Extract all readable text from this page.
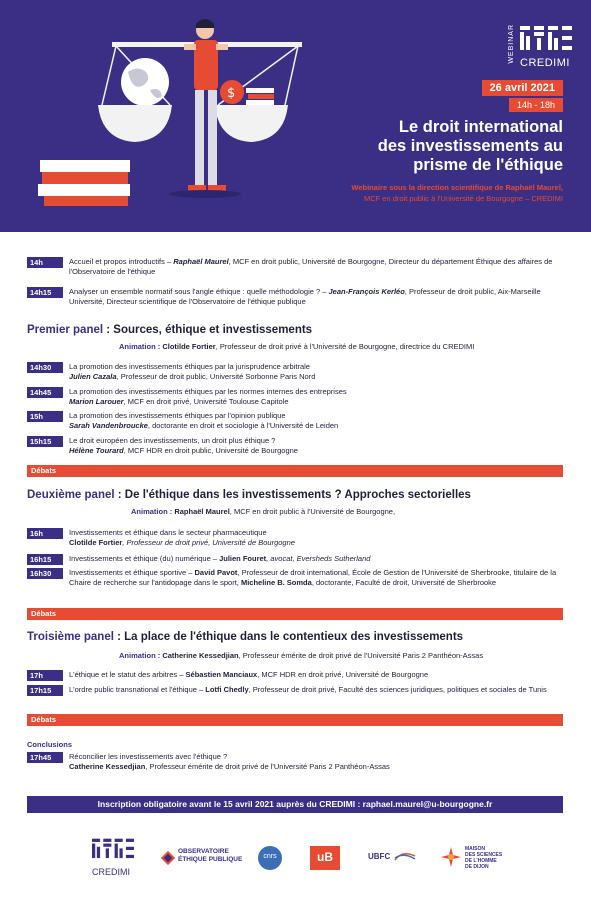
$
WEBINAR CREDIMI
26 avril 2021
14h - 18h
Le droit international
des investissements au
prisme de l'éthique
Webinaire sous la direction scientifique de Raphaël Maurel,
MCF en droit public à l'Université de Bourgogne – CREDIMI
14h	Accueil et propos introductifs – Raphaël Maurel, MCF en droit public, Université de Bourgogne, Directeur du département Éthique des affaires de l'Observatoire de l'éthique
14h15	Analyser un ensemble normatif sous l'angle éthique : quelle méthodologie ? – Jean-François Kerléo, Professeur de droit public, Aix-Marseille Université, Directeur scientifique de l'Observatoire de l'éthique publique
Premier panel : Sources, éthique et investissements
Animation : Clotilde Fortier, Professeur de droit privé à l'Université de Bourgogne, directrice du CREDIMI
14h30	La promotion des investissements éthiques par la jurisprudence arbitrale
Julien Cazala, Professeur de droit public, Université Sorbonne Paris Nord
14h45	La promotion des investissements éthiques par les normes internes des entreprises
Marion Larouer, MCF en droit privé, Université Toulouse Capitole
15h	La promotion des investissements éthiques par l'opinion publique
Sarah Vandenbroucke, doctorante en droit et sociologie à l'Université de Leiden
15h15	Le droit européen des investissements, un droit plus éthique ?
Hélène Tourard, MCF HDR en droit public, Université de Bourgogne
Débats
Deuxième panel : De l'éthique dans les investissements ? Approches sectorielles
Animation : Raphaël Maurel, MCF en droit public à l'Université de Bourgogne,
16h	Investissements et éthique dans le secteur pharmaceutique
Clotilde Fortier, Professeur de droit privé, Université de Bourgogne
16h15	Investissements et éthique (du) numérique – Julien Fouret, avocat, Eversheds Sutherland
16h30	Investissements et éthique sportive – David Pavot, Professeur de droit international, École de Gestion de l'Université de Sherbrooke, titulaire de la Chaire de recherche sur l'antidopage dans le sport, Micheline B. Somda, doctorante, Faculté de droit, Université de Sherbrooke
Débats
Troisième panel : La place de l'éthique dans le contentieux des investissements
Animation : Catherine Kessedjian, Professeur émérite de droit privé de l'Université Paris 2 Panthéon-Assas
17h	L'éthique et le statut des arbitres – Sébastien Manciaux, MCF HDR en droit privé, Université de Bourgogne
17h15	L'ordre public transnational et l'éthique – Lotfi Chedly, Professeur de droit privé, Faculté des sciences juridiques, politiques et sociales de Tunis
Débats
Conclusions
17h45	Réconcilier les investissements avec l'éthique ?
Catherine Kessedjian, Professeur émérite de droit privé de l'Université Paris 2 Panthéon-Assas
Inscription obligatoire avant le 15 avril 2021 auprès du CREDIMI : raphael.maurel@u-bourgogne.fr
CREDIMI
OBSERVATOIRE
ÉTHIQUE PUBLIQUE	cnrs	uB	UBFC
MAISON
DES SCIENCES
DE L'HOMME
DE DIJON
